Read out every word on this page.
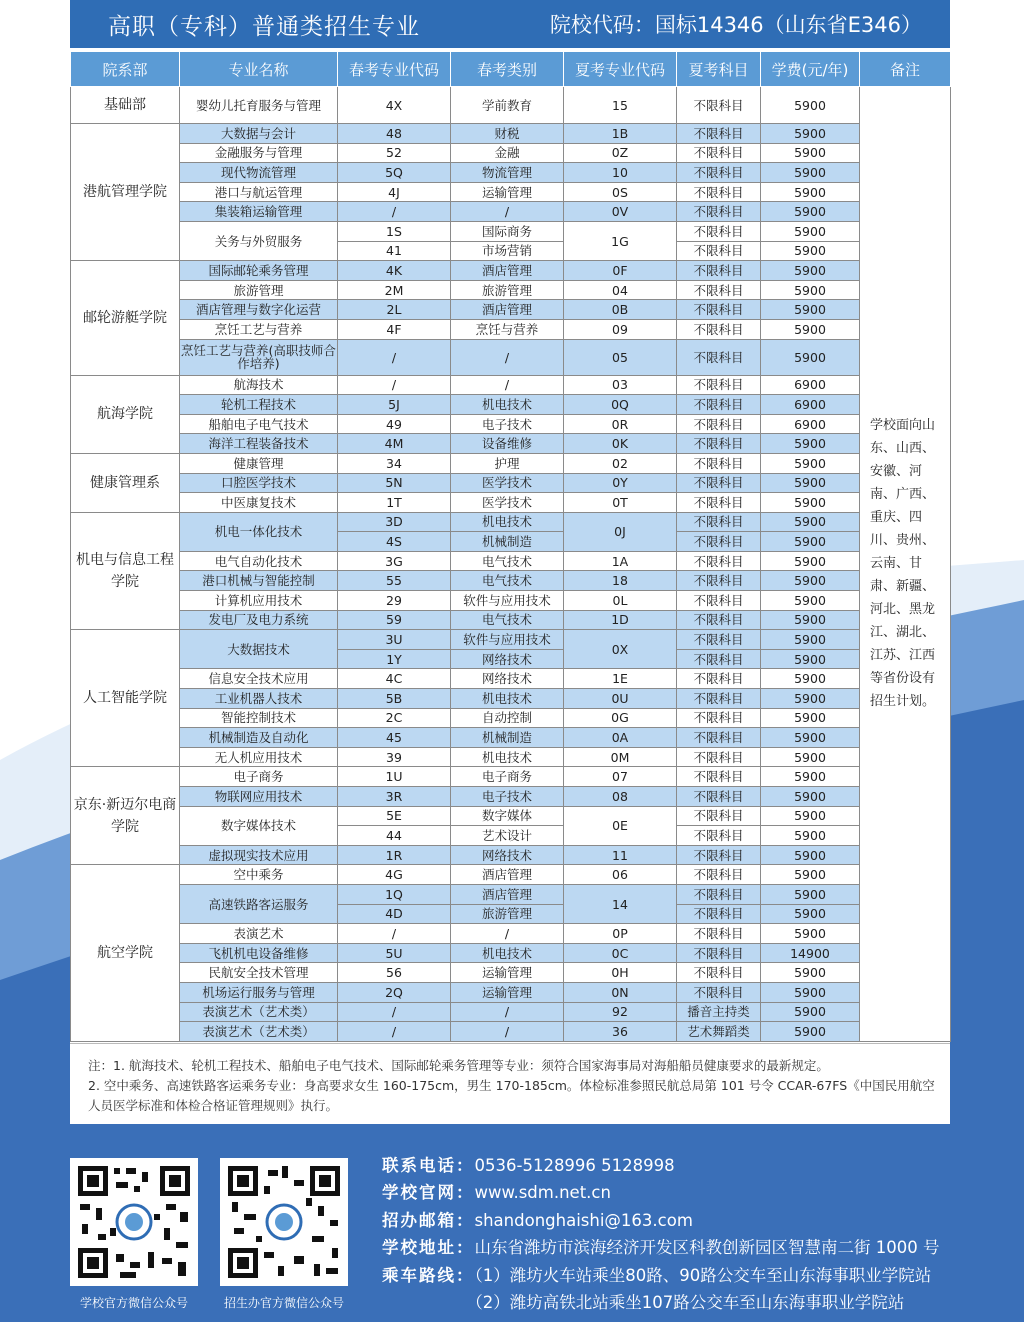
高职（专科）普通类招生专业	院校代码：国标14346（山东省E346）
院系部	专业名称	春考专业代码	春考类别	夏考专业代码	夏考科目	学费(元/年)	备注
基础部	婴幼儿托育服务与管理	4X	学前教育	15	不限科目	5900	学校面向山东、山西、安徽、河南、广西、重庆、四川、贵州、云南、甘肃、新疆、河北、黑龙江、湖北、江苏、江西等省份设有招生计划。
港航管理学院	大数据与会计	48	财税	1B	不限科目	5900	
	金融服务与管理	52	金融	0Z	不限科目	5900	
	现代物流管理	5Q	物流管理	10	不限科目	5900	
	港口与航运管理	4J	运输管理	0S	不限科目	5900	
	集装箱运输管理	/	/	0V	不限科目	5900	
	关务与外贸服务	1S	国际商务	1G	不限科目	5900	
		41	市场营销		不限科目	5900	
邮轮游艇学院	国际邮轮乘务管理	4K	酒店管理	0F	不限科目	5900	
	旅游管理	2M	旅游管理	04	不限科目	5900	
	酒店管理与数字化运营	2L	酒店管理	0B	不限科目	5900	
	烹饪工艺与营养	4F	烹饪与营养	09	不限科目	5900	
	烹饪工艺与营养(高职技师合作培养)	/	/	05	不限科目	5900	
航海学院	航海技术	/	/	03	不限科目	6900	
	轮机工程技术	5J	机电技术	0Q	不限科目	6900	
	船舶电子电气技术	49	电子技术	0R	不限科目	6900	
	海洋工程装备技术	4M	设备维修	0K	不限科目	5900	
健康管理系	健康管理	34	护理	02	不限科目	5900	
	口腔医学技术	5N	医学技术	0Y	不限科目	5900	
	中医康复技术	1T	医学技术	0T	不限科目	5900	
机电与信息工程学院	机电一体化技术	3D	机电技术	0J	不限科目	5900	
		4S	机械制造		不限科目	5900	
	电气自动化技术	3G	电气技术	1A	不限科目	5900	
	港口机械与智能控制	55	电气技术	18	不限科目	5900	
	计算机应用技术	29	软件与应用技术	0L	不限科目	5900	
	发电厂及电力系统	59	电气技术	1D	不限科目	5900	
人工智能学院	大数据技术	3U	软件与应用技术	0X	不限科目	5900	
		1Y	网络技术		不限科目	5900	
	信息安全技术应用	4C	网络技术	1E	不限科目	5900	
	工业机器人技术	5B	机电技术	0U	不限科目	5900	
	智能控制技术	2C	自动控制	0G	不限科目	5900	
	机械制造及自动化	45	机械制造	0A	不限科目	5900	
	无人机应用技术	39	机电技术	0M	不限科目	5900	
京东·新迈尔电商学院	电子商务	1U	电子商务	07	不限科目	5900	
	物联网应用技术	3R	电子技术	08	不限科目	5900	
	数字媒体技术	5E	数字媒体	0E	不限科目	5900	
		44	艺术设计		不限科目	5900	
	虚拟现实技术应用	1R	网络技术	11	不限科目	5900	
航空学院	空中乘务	4G	酒店管理	06	不限科目	5900	
	高速铁路客运服务	1Q	酒店管理	14	不限科目	5900	
		4D	旅游管理		不限科目	5900	
	表演艺术	/	/	0P	不限科目	5900	
	飞机机电设备维修	5U	机电技术	0C	不限科目	14900	
	民航安全技术管理	56	运输管理	0H	不限科目	5900	
	机场运行服务与管理	2Q	运输管理	0N	不限科目	5900	
	表演艺术（艺术类）	/	/	92	播音主持类	5900	
	表演艺术（艺术类）	/	/	36	艺术舞蹈类	5900	
注：1. 航海技术、轮机工程技术、船舶电子电气技术、国际邮轮乘务管理等专业：须符合国家海事局对海船船员健康要求的最新规定。
2. 空中乘务、高速铁路客运乘务专业：身高要求女生 160-175cm，男生 170-185cm。体检标准参照民航总局第 101 号令 CCAR-67FS《中国民用航空人员医学标准和体检合格证管理规则》执行。
学校官方微信公众号	招生办官方微信公众号
联系电话：0536-5128996 5128998
学校官网：www.sdm.net.cn
招办邮箱：shandonghaishi@163.com
学校地址：山东省潍坊市滨海经济开发区科教创新园区智慧南二街 1000 号
乘车路线：（1）潍坊火车站乘坐80路、90路公交车至山东海事职业学院站
（2）潍坊高铁北站乘坐107路公交车至山东海事职业学院站
